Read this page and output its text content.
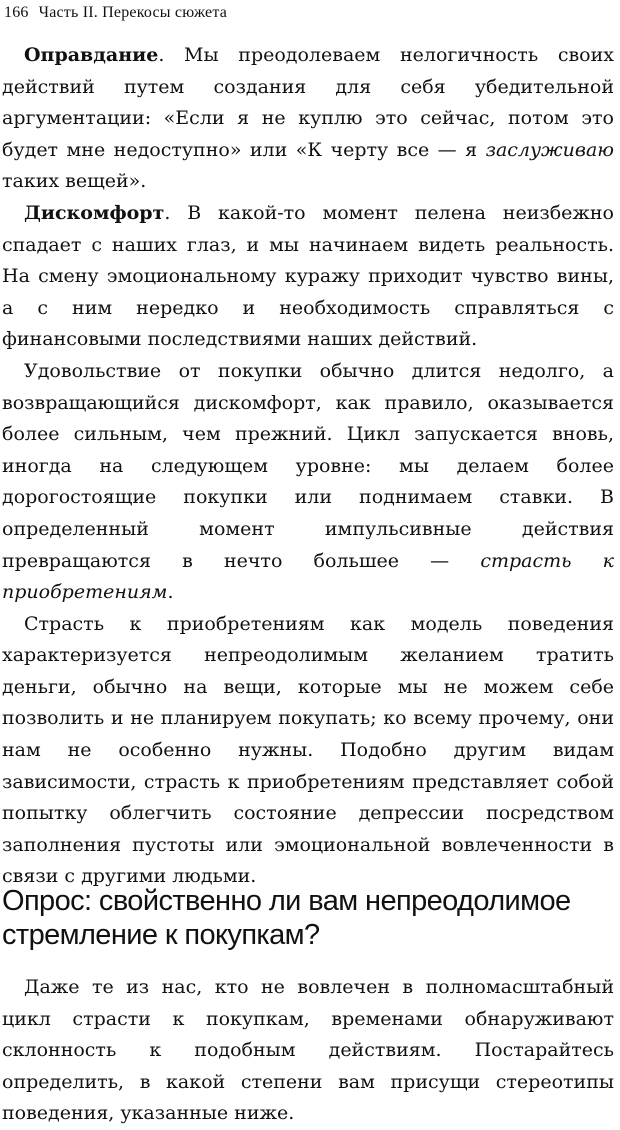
166 Часть II. Перекосы сюжета

Оправдание. Мы преодолеваем нелогичность своих действий путем создания для себя убедительной аргументации: «Если я не куплю это сейчас, потом это будет мне недоступно» или «К черту все — я заслуживаю таких вещей».

Дискомфорт. В какой-то момент пелена неизбежно спадает с наших глаз, и мы начинаем видеть реальность. На смену эмоциональному куражу приходит чувство вины, а с ним нередко и необходимость справляться с финансовыми последствиями наших действий.

Удовольствие от покупки обычно длится недолго, а возвращающийся дискомфорт, как правило, оказывается более сильным, чем прежний. Цикл запускается вновь, иногда на следующем уровне: мы делаем более дорогостоящие покупки или поднимаем ставки. В определенный момент импульсивные действия превращаются в нечто большее — страсть к приобретениям.

Страсть к приобретениям как модель поведения характеризуется непреодолимым желанием тратить деньги, обычно на вещи, которые мы не можем себе позволить и не планируем покупать; ко всему прочему, они нам не особенно нужны. Подобно другим видам зависимости, страсть к приобретениям представляет собой попытку облегчить состояние депрессии посредством заполнения пустоты или эмоциональной вовлеченности в связи с другими людьми.

Опрос: свойственно ли вам непреодолимое стремление к покупкам?

Даже те из нас, кто не вовлечен в полномасштабный цикл страсти к покупкам, временами обнаруживают склонность к подобным действиям. Постарайтесь определить, в какой степени вам присущи стереотипы поведения, указанные ниже.
